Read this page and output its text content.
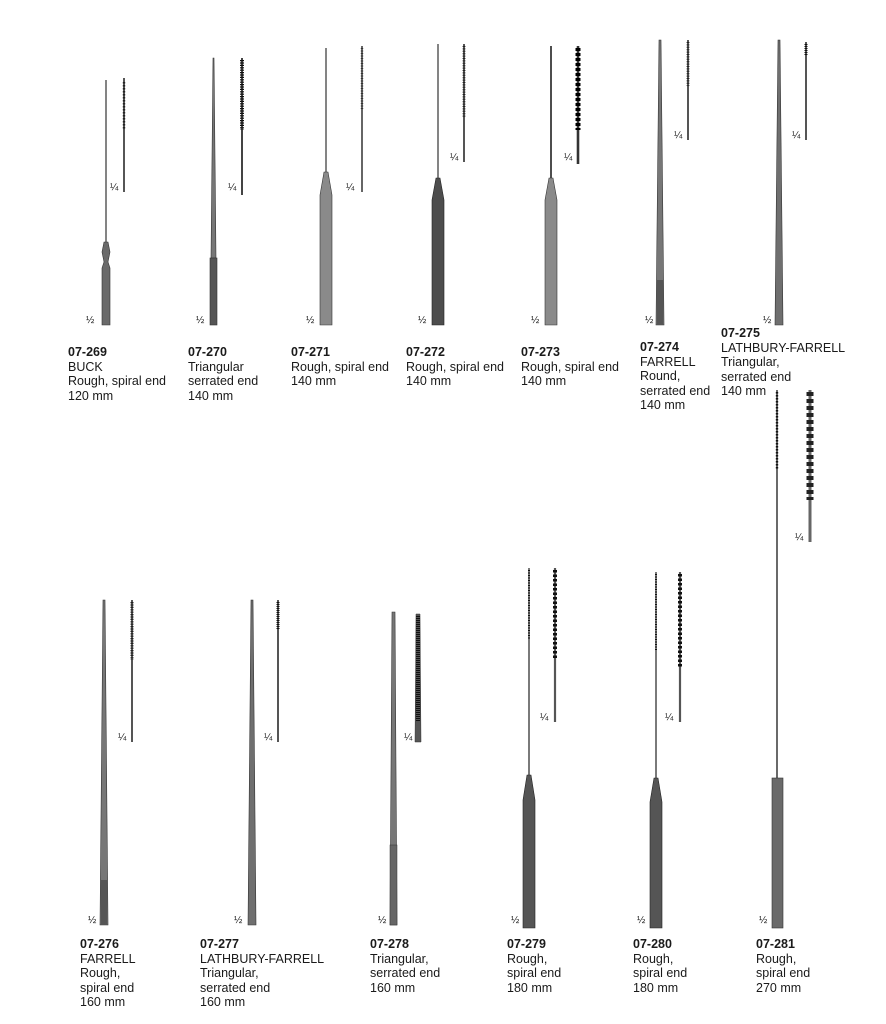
¼
½
07-269
BUCK
Rough, spiral end
120 mm
¼
½
07-270
Triangular
serrated end
140 mm
¼
½
07-271
Rough, spiral end
140 mm
¼
½
07-272
Rough, spiral end
140 mm
¼
½
07-273
Rough, spiral end
140 mm
¼
½
07-274
FARRELL
Round,
serrated end
140 mm
¼
½
07-275
LATHBURY-FARRELL
Triangular,
serrated end
140 mm
¼
½
07-276
FARRELL
Rough,
spiral end
160 mm
¼
½
07-277
LATHBURY-FARRELL
Triangular,
serrated end
160 mm
¼
½
07-278
Triangular,
serrated end
160 mm
¼
½
07-279
Rough,
spiral end
180 mm
¼
½
07-280
Rough,
spiral end
180 mm
¼
½
07-281
Rough,
spiral end
270 mm
